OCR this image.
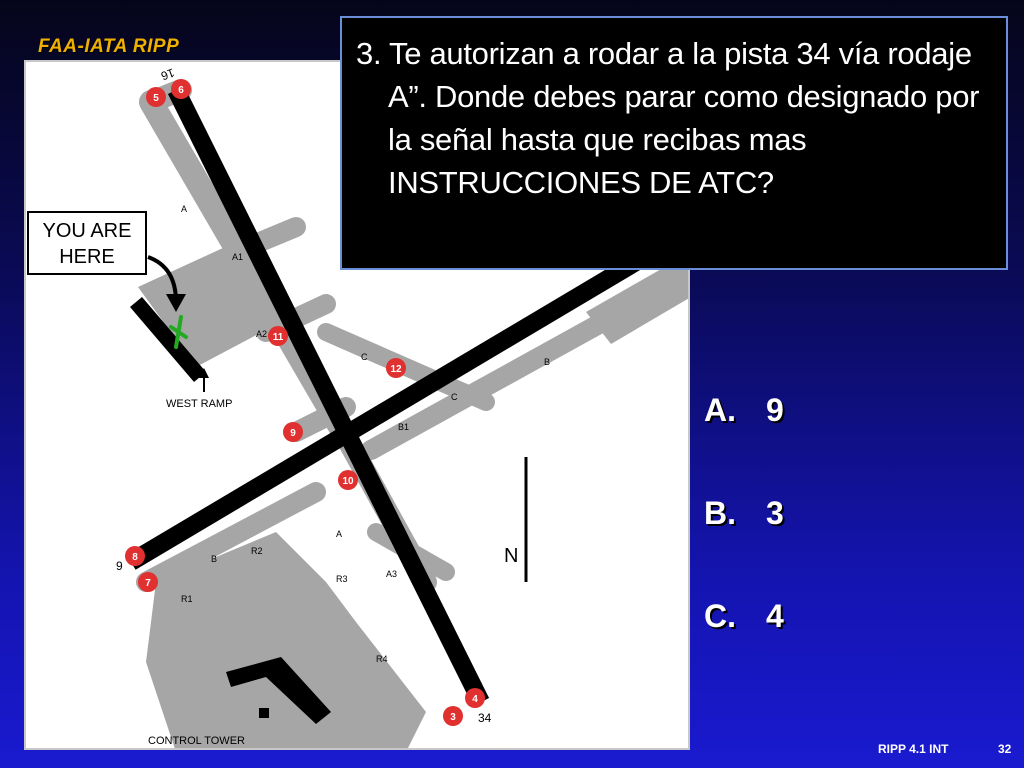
FAA-IATA RIPP
YOU ARE
HERE
WEST RAMP
CONTROL TOWER
N
16
34
9
A
A1
A2
C	B
C
B1
A
B
R2
R1
R3	A3
R4
5
6
11
12
9
10
8
7
4
3

3. Te autorizan a rodar a la pista 34 vía rodaje A”. Donde debes parar como designado por la señal hasta que recibas mas INSTRUCCIONES DE ATC?

A. 9
B. 3
C. 4
RIPP 4.1 INT	32
